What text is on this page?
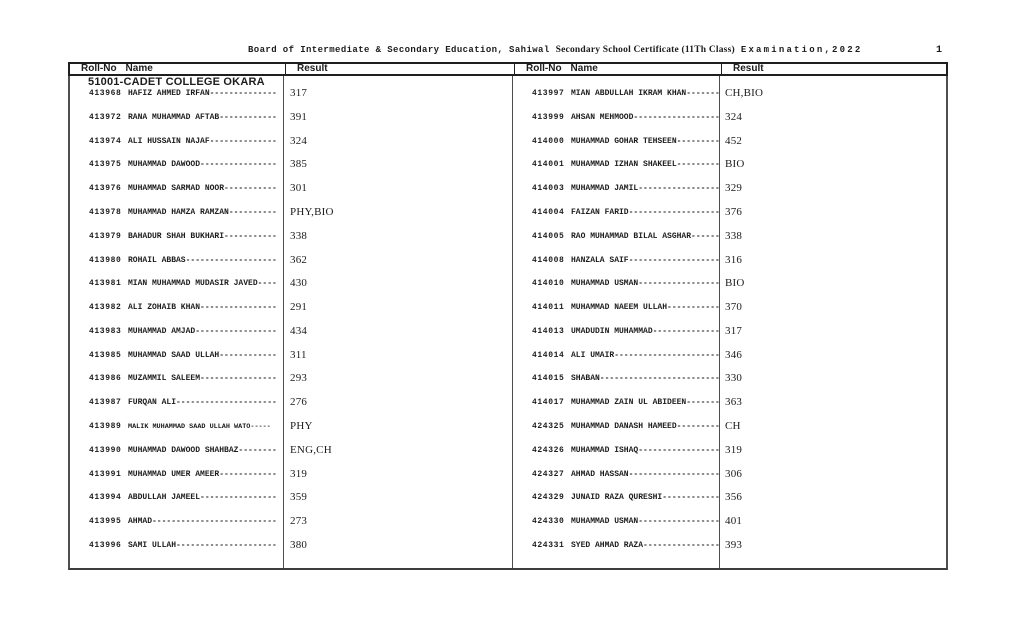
Board of Intermediate & Secondary Education, Sahiwal Secondary School Certificate (11Th Class) Examination,2022	1
Roll-No Name	Result	Roll-No Name	Result
51001-CADET COLLEGE OKARA
413968 HAFIZ AHMED IRFAN-------------- 317
413972 RANA MUHAMMAD AFTAB------------ 391
413974 ALI HUSSAIN NAJAF-------------- 324
413975 MUHAMMAD DAWOOD---------------- 385
413976 MUHAMMAD SARMAD NOOR----------- 301
413978 MUHAMMAD HAMZA RAMZAN---------- PHY,BIO
413979 BAHADUR SHAH BUKHARI----------- 338
413980 ROHAIL ABBAS------------------- 362
413981 MIAN MUHAMMAD MUDASIR JAVED---- 430
413982 ALI ZOHAIB KHAN---------------- 291
413983 MUHAMMAD AMJAD----------------- 434
413985 MUHAMMAD SAAD ULLAH------------ 311
413986 MUZAMMIL SALEEM---------------- 293
413987 FURQAN ALI--------------------- 276
413989 MALIK MUHAMMAD SAAD ULLAH WATO----- PHY
413990 MUHAMMAD DAWOOD SHAHBAZ-------- ENG,CH
413991 MUHAMMAD UMER AMEER------------ 319
413994 ABDULLAH JAMEEL---------------- 359
413995 AHMAD-------------------------- 273
413996 SAMI ULLAH--------------------- 380
413997 MIAN ABDULLAH IKRAM KHAN------- CH,BIO
413999 AHSAN MEHMOOD------------------ 324
414000 MUHAMMAD GOHAR TEHSEEN--------- 452
414001 MUHAMMAD IZHAN SHAKEEL--------- BIO
414003 MUHAMMAD JAMIL----------------- 329
414004 FAIZAN FARID------------------- 376
414005 RAO MUHAMMAD BILAL ASGHAR------ 338
414008 HANZALA SAIF------------------- 316
414010 MUHAMMAD USMAN----------------- BIO
414011 MUHAMMAD NAEEM ULLAH----------- 370
414013 UMADUDIN MUHAMMAD-------------- 317
414014 ALI UMAIR---------------------- 346
414015 SHABAN------------------------- 330
414017 MUHAMMAD ZAIN UL ABIDEEN------- 363
424325 MUHAMMAD DANASH HAMEED--------- CH
424326 MUHAMMAD ISHAQ----------------- 319
424327 AHMAD HASSAN------------------- 306
424329 JUNAID RAZA QURESHI------------ 356
424330 MUHAMMAD USMAN----------------- 401
424331 SYED AHMAD RAZA---------------- 393
